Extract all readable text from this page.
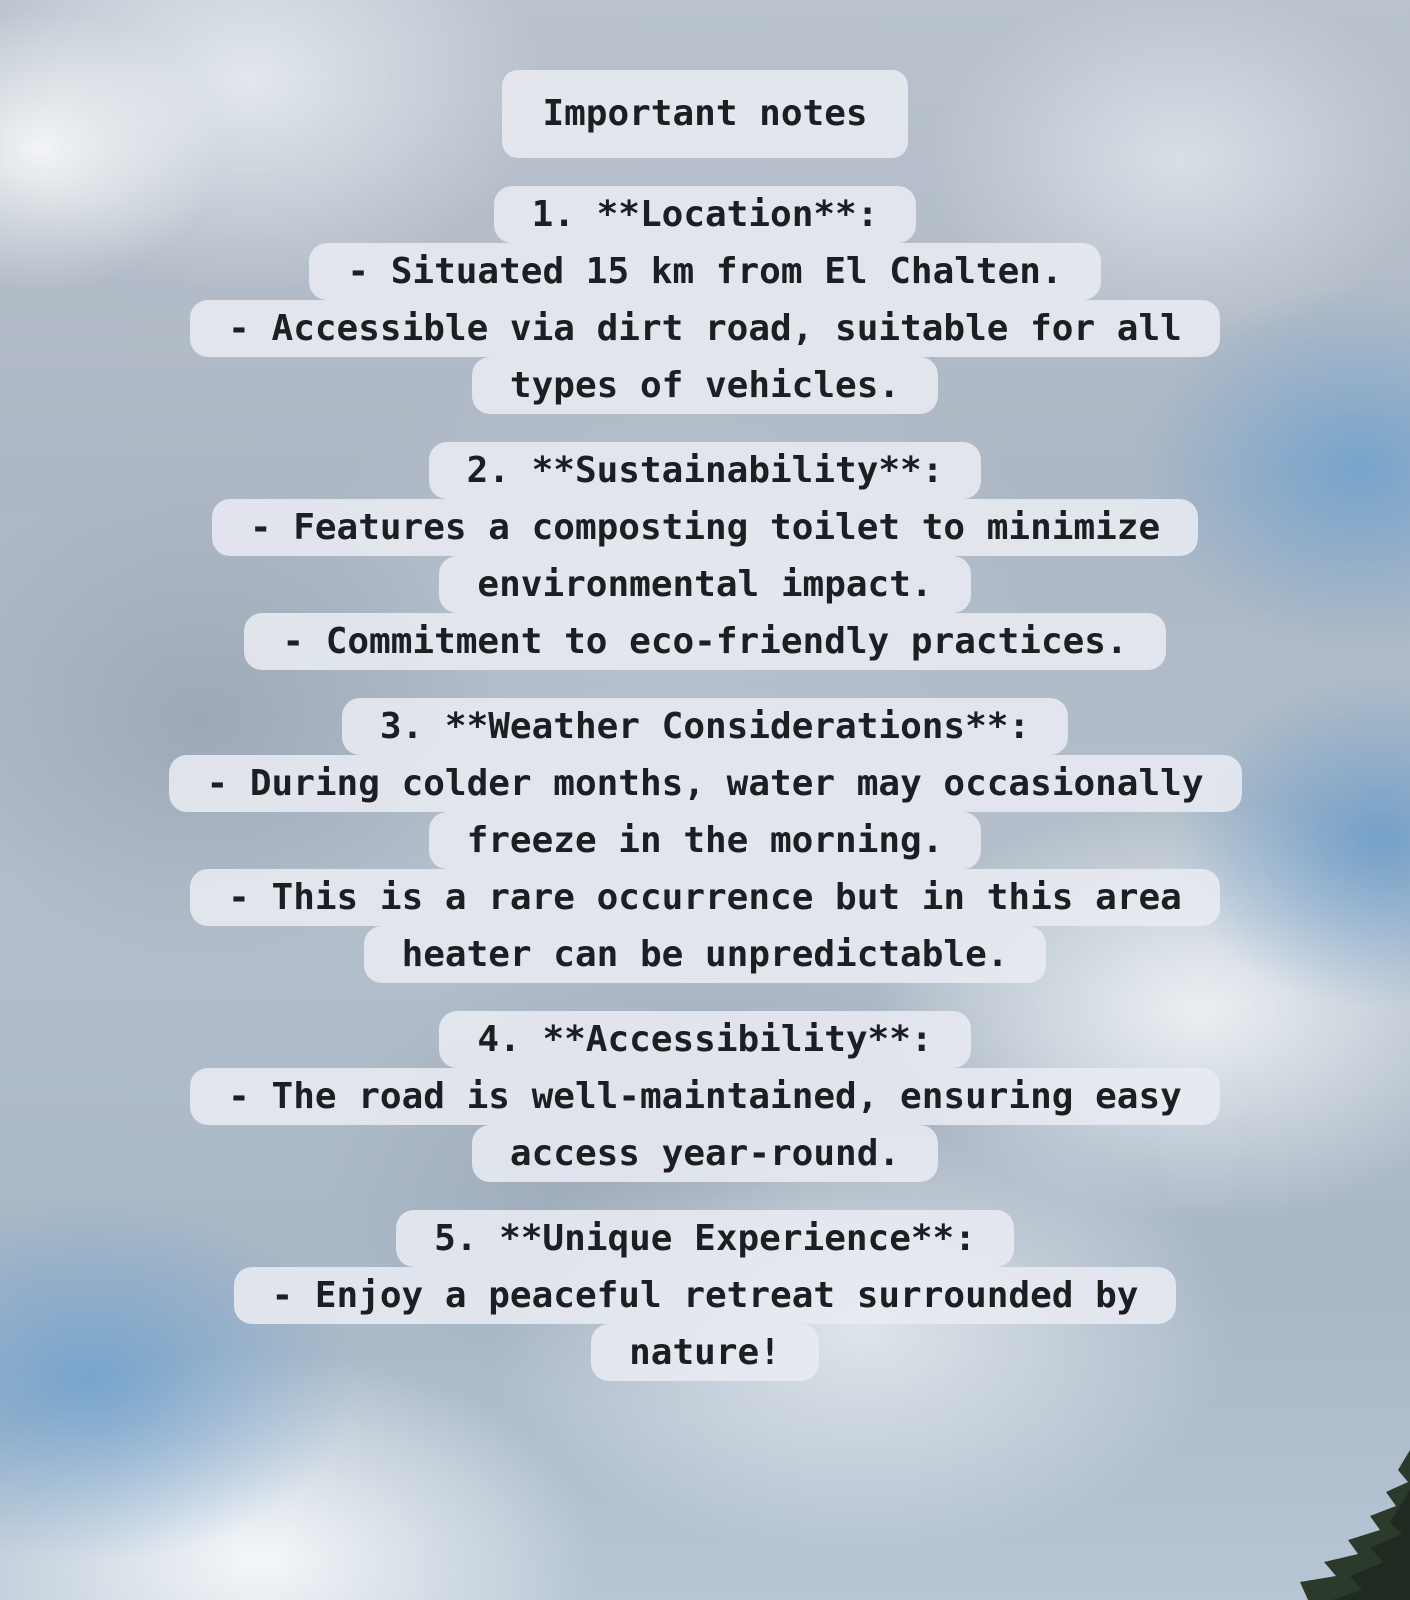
Important notes
1. **Location**:
- Situated 15 km from El Chalten.
- Accessible via dirt road, suitable for all
types of vehicles.
2. **Sustainability**:
- Features a composting toilet to minimize
environmental impact.
- Commitment to eco-friendly practices.
3. **Weather Considerations**:
- During colder months, water may occasionally
freeze in the morning.
- This is a rare occurrence but in this area
heater can be unpredictable.
4. **Accessibility**:
- The road is well-maintained, ensuring easy
access year-round.
5. **Unique Experience**:
- Enjoy a peaceful retreat surrounded by
nature!
